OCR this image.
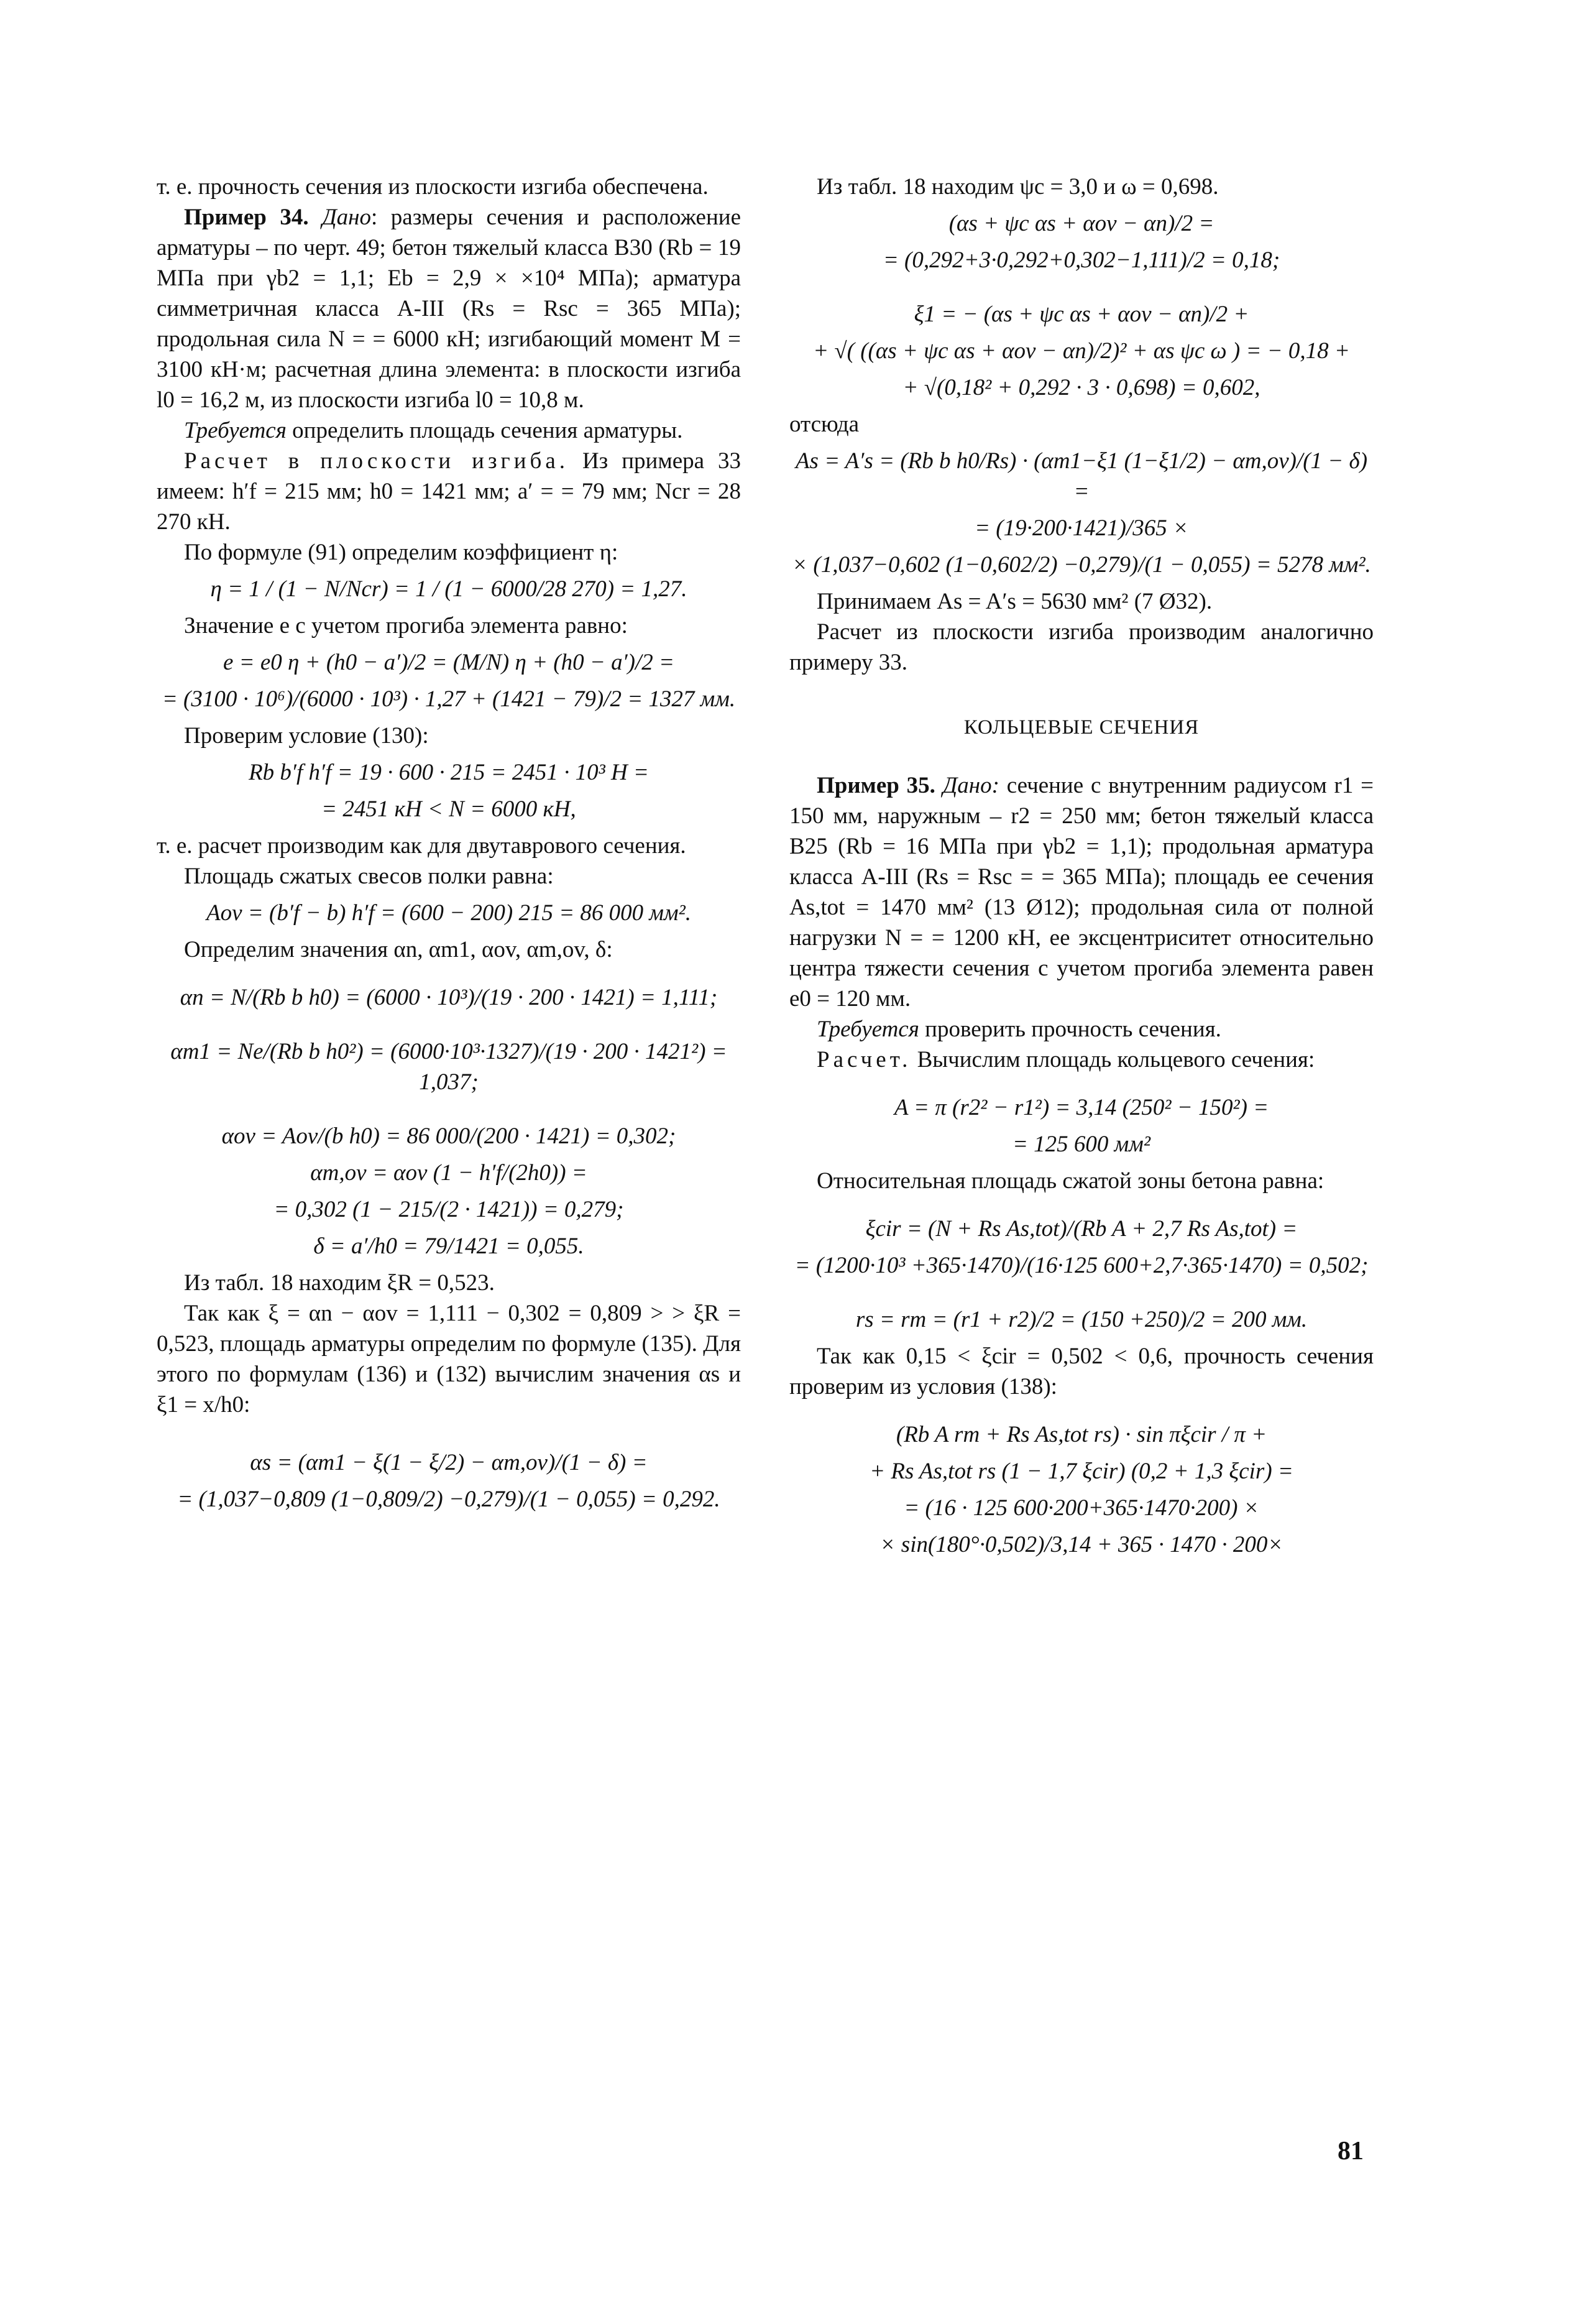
т. е. прочность сечения из плоскости изгиба обеспечена.

Пример 34. Дано: размеры сечения и расположение арматуры – по черт. 49; бетон тяжелый класса В30 (Rb = 19 МПа при γb2 = 1,1; Eb = 2,9 × ×10⁴ МПа); арматура симметричная класса А-III (Rs = Rsc = 365 МПа); продольная сила N = = 6000 кН; изгибающий момент M = 3100 кН·м; расчетная длина элемента: в плоскости изгиба l0 = 16,2 м, из плоскости изгиба l0 = 10,8 м.

Требуется определить площадь сечения арматуры.

Расчет в плоскости изгиба. Из примера 33 имеем: h′f = 215 мм; h0 = 1421 мм; a′ = = 79 мм; Ncr = 28 270 кН.

По формуле (91) определим коэффициент η:

η = 1 / (1 − N/Ncr) = 1 / (1 − 6000/28 270) = 1,27.

Значение e с учетом прогиба элемента равно:

e = e0 η + (h0 − a′)/2 = (M/N) η + (h0 − a′)/2 =

= (3100 · 10⁶)/(6000 · 10³) · 1,27 + (1421 − 79)/2 = 1327 мм.

Проверим условие (130):

Rb b′f h′f = 19 · 600 · 215 = 2451 · 10³ Н =

= 2451 кН < N = 6000 кН,

т. е. расчет производим как для двутаврового сечения.

Площадь сжатых свесов полки равна:

Aov = (b′f − b) h′f = (600 − 200) 215 = 86 000 мм².

Определим значения αn, αm1, αov, αm,ov, δ:

αn = N/(Rb b h0) = (6000 · 10³)/(19 · 200 · 1421) = 1,111;

αm1 = Ne/(Rb b h0²) = (6000·10³·1327)/(19 · 200 · 1421²) = 1,037;

αov = Aov/(b h0) = 86 000/(200 · 1421) = 0,302;

αm,ov = αov (1 − h′f/(2h0)) =

= 0,302 (1 − 215/(2 · 1421)) = 0,279;

δ = a′/h0 = 79/1421 = 0,055.

Из табл. 18 находим ξR = 0,523.

Так как ξ = αn − αov = 1,111 − 0,302 = 0,809 > > ξR = 0,523, площадь арматуры определим по формуле (135). Для этого по формулам (136) и (132) вычислим значения αs и ξ1 = x/h0:

αs = (αm1 − ξ(1 − ξ/2) − αm,ov)/(1 − δ) =

= (1,037−0,809 (1−0,809/2) −0,279)/(1 − 0,055) = 0,292.

Из табл. 18 находим ψc = 3,0 и ω = 0,698.

(αs + ψc αs + αov − αn)/2 =

= (0,292+3·0,292+0,302−1,111)/2 = 0,18;

ξ1 = − (αs + ψc αs + αov − αn)/2 +

+ √( ((αs + ψc αs + αov − αn)/2)² + αs ψc ω ) = − 0,18 +

+ √(0,18² + 0,292 · 3 · 0,698) = 0,602,

отсюда

As = A′s = (Rb b h0/Rs) · (αm1−ξ1 (1−ξ1/2) − αm,ov)/(1 − δ) =

= (19·200·1421)/365 ×

× (1,037−0,602 (1−0,602/2) −0,279)/(1 − 0,055) = 5278 мм².

Принимаем As = A′s = 5630 мм² (7 Ø32).

Расчет из плоскости изгиба производим аналогично примеру 33.

КОЛЬЦЕВЫЕ СЕЧЕНИЯ

Пример 35. Дано: сечение с внутренним радиусом r1 = 150 мм, наружным – r2 = 250 мм; бетон тяжелый класса В25 (Rb = 16 МПа при γb2 = 1,1); продольная арматура класса А-III (Rs = Rsc = = 365 МПа); площадь ее сечения As,tot = 1470 мм² (13 Ø12); продольная сила от полной нагрузки N = = 1200 кН, ее эксцентриситет относительно центра тяжести сечения с учетом прогиба элемента равен e0 = 120 мм.

Требуется проверить прочность сечения.

Расчет. Вычислим площадь кольцевого сечения:

A = π (r2² − r1²) = 3,14 (250² − 150²) =

= 125 600 мм²

Относительная площадь сжатой зоны бетона равна:

ξcir = (N + Rs As,tot)/(Rb A + 2,7 Rs As,tot) =

= (1200·10³ +365·1470)/(16·125 600+2,7·365·1470) = 0,502;

rs = rm = (r1 + r2)/2 = (150 +250)/2 = 200 мм.

Так как 0,15 < ξcir = 0,502 < 0,6, прочность сечения проверим из условия (138):

(Rb A rm + Rs As,tot rs) · sin πξcir / π +

+ Rs As,tot rs (1 − 1,7 ξcir) (0,2 + 1,3 ξcir) =

= (16 · 125 600·200+365·1470·200) ×

× sin(180°·0,502)/3,14 + 365 · 1470 · 200×

81
